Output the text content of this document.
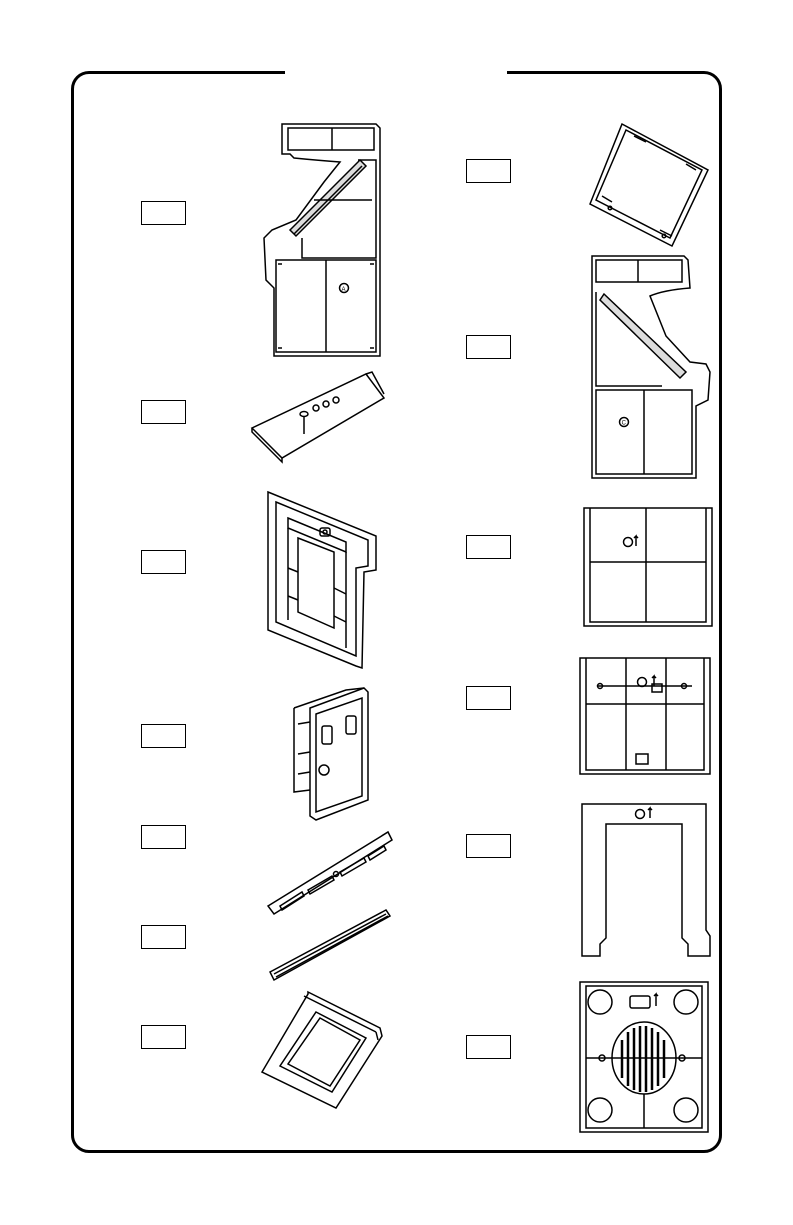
A
C
